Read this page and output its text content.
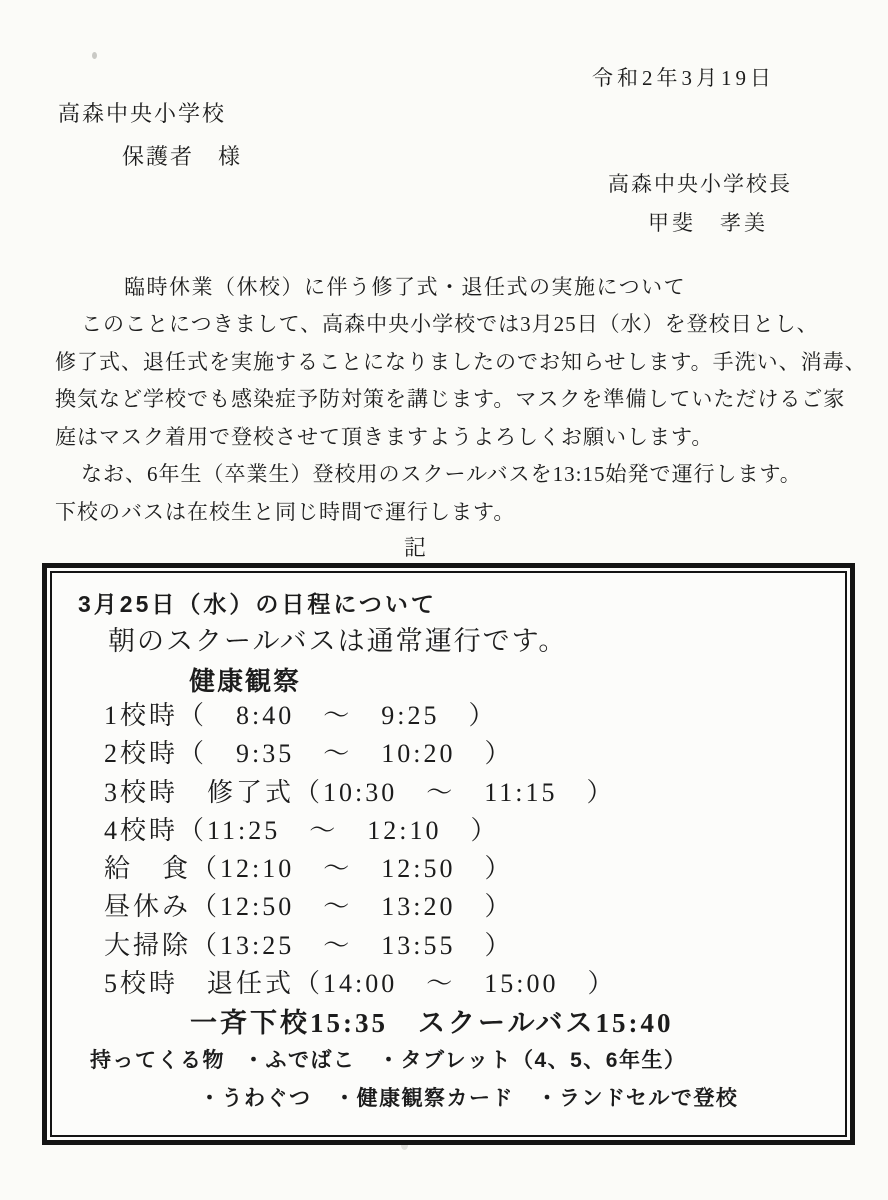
令和2年3月19日
高森中央小学校
保護者　様
高森中央小学校長
甲斐　孝美
臨時休業（休校）に伴う修了式・退任式の実施について
このことにつきまして、高森中央小学校では3月25日（水）を登校日とし、
修了式、退任式を実施することになりましたのでお知らせします。手洗い、消毒、
換気など学校でも感染症予防対策を講じます。マスクを準備していただけるご家
庭はマスク着用で登校させて頂きますようよろしくお願いします。
なお、6年生（卒業生）登校用のスクールバスを13:15始発で運行します。
下校のバスは在校生と同じ時間で運行します。
記
3月25日（水）の日程について
朝のスクールバスは通常運行です。
健康観察
1校時（　8:40　～　9:25　）
2校時（　9:35　～　10:20　）
3校時　修了式（10:30　～　11:15　）
4校時（11:25　～　12:10　）
給　食（12:10　～　12:50　）
昼休み（12:50　～　13:20　）
大掃除（13:25　～　13:55　）
5校時　退任式（14:00　～　15:00　）
一斉下校15:35　スクールバス15:40
持ってくる物 ・ふでばこ　・タブレット（4、5、6年生）
・うわぐつ　・健康観察カード　・ランドセルで登校
